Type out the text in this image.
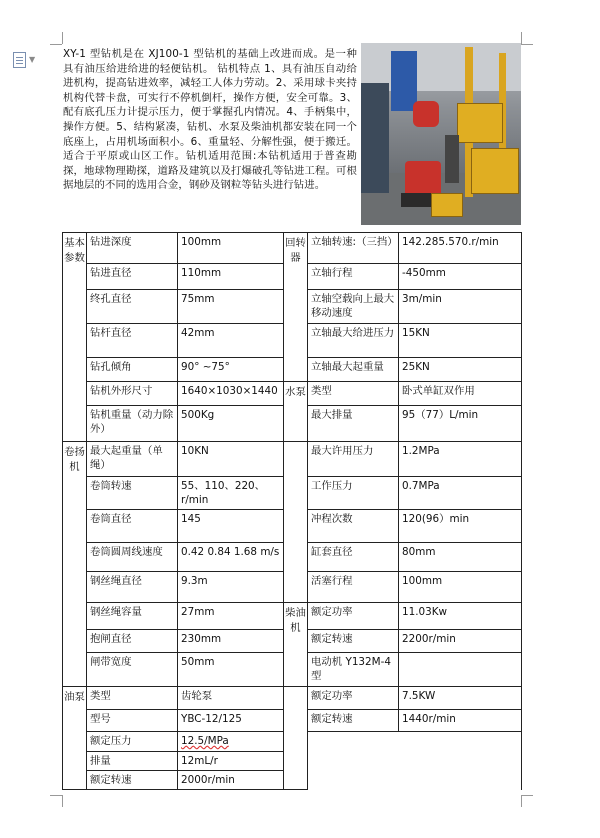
▼	XY-1 型钻机是在 XJ100-1 型钻机的基础上改进而成。是一种具有油压给进给进的轻便钻机。 钻机特点 1、具有油压自动给进机构，提高钻进效率，减轻工人体力劳动。2、采用球卡夹持机构代替卡盘，可实行不停机倒杆，操作方便，安全可靠。3、配有底孔压力计提示压力，便于掌握孔内情况。4、手柄集中，操作方便。5、结构紧凑，钻机、水泵及柴油机都安装在同一个底座上，占用机场面积小。6、重量轻、分解性强，便于搬迁。适合于平原或山区工作。钻机适用范围:本钻机适用于普查勘探，地球物理勘探，道路及建筑以及打爆破孔等钻进工程。可根据地层的不同的选用合金，钢砂及钢粒等钻头进行钻进。

基本参数	钻进深度	100mm	回转器	立轴转速:（三挡）	142.285.570.r/min
	钻进直径	110mm		立轴行程	-450mm
	终孔直径	75mm		立轴空载向上最大移动速度	3m/min
	钻杆直径	42mm		立轴最大给进压力	15KN
	钻孔倾角	90° ~75°		立轴最大起重量	25KN
	钻机外形尺寸	1640×1030×1440	水泵	类型	卧式单缸双作用
	钻机重量（动力除外）	500Kg		最大排量	95（77）L/min
卷扬机	最大起重量（单绳）	10KN		最大许用压力	1.2MPa
	卷筒转速	55、110、220、r/min		工作压力	0.7MPa
	卷筒直径	145		冲程次数	120(96）min
	卷筒圆周线速度	0.42 0.84 1.68 m/s		缸套直径	80mm
	钢丝绳直径	9.3m		活塞行程	100mm
	钢丝绳容量	27mm	柴油机	额定功率	11.03Kw
	抱闸直径	230mm		额定转速	2200r/min
	闸带宽度	50mm		电动机 Y132M-4 型	
油泵	类型	齿轮泵		额定功率	7.5KW
	型号	YBC-12/125		额定转速	1440r/min
	额定压力	12.5/MPa			
	排量	12mL/r			
	额定转速	2000r/min			
